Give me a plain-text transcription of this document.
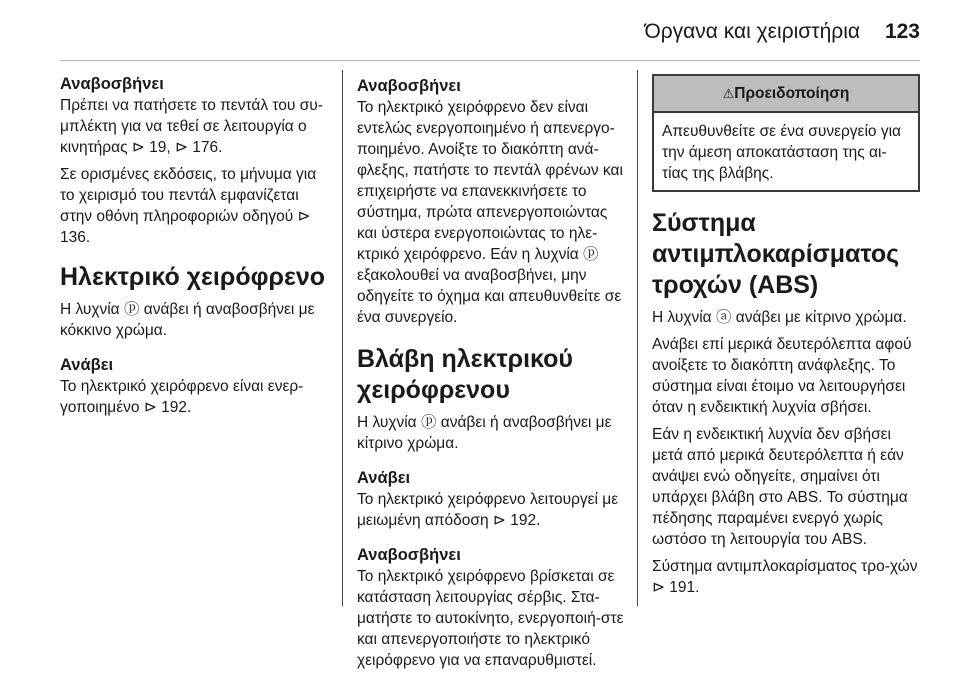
Όργανα και χειριστήρια 123

Αναβοσβήνει

Πρέπει να πατήσετε το πεντάλ του συ-μπλέκτη για να τεθεί σε λειτουργία ο κινητήρας ⊳ 19, ⊳ 176.

Σε ορισμένες εκδόσεις, το μήνυμα για το χειρισμό του πεντάλ εμφανίζεται στην οθόνη πληροφοριών οδηγού ⊳ 136.

Ηλεκτρικό χειρόφρενο

Η λυχνία ⓟ ανάβει ή αναβοσβήνει με κόκκινο χρώμα.

Ανάβει

Το ηλεκτρικό χειρόφρενο είναι ενερ-γοποιημένο ⊳ 192.

Αναβοσβήνει

Το ηλεκτρικό χειρόφρενο δεν είναι εντελώς ενεργοποιημένο ή απενεργο-ποιημένο. Ανοίξτε το διακόπτη ανά-φλεξης, πατήστε το πεντάλ φρένων και επιχειρήστε να επανεκκινήσετε το σύστημα, πρώτα απενεργοποιώντας και ύστερα ενεργοποιώντας το ηλε-κτρικό χειρόφρενο. Εάν η λυχνία ⓟ εξακολουθεί να αναβοσβήνει, μην οδηγείτε το όχημα και απευθυνθείτε σε ένα συνεργείο.

Βλάβη ηλεκτρικού χειρόφρενου

Η λυχνία ⓟ ανάβει ή αναβοσβήνει με κίτρινο χρώμα.

Ανάβει

Το ηλεκτρικό χειρόφρενο λειτουργεί με μειωμένη απόδοση ⊳ 192.

Αναβοσβήνει

Το ηλεκτρικό χειρόφρενο βρίσκεται σε κατάσταση λειτουργίας σέρβις. Στα-ματήστε το αυτοκίνητο, ενεργοποιή-στε και απενεργοποιήστε το ηλεκτρικό χειρόφρενο για να επαναρυθμιστεί.

⚠Προειδοποίηση
Απευθυνθείτε σε ένα συνεργείο για την άμεση αποκατάσταση της αι-τίας της βλάβης.
Σύστημα αντιμπλοκαρίσματος τροχών (ABS)

Η λυχνία ⓐ ανάβει με κίτρινο χρώμα.

Ανάβει επί μερικά δευτερόλεπτα αφού ανοίξετε το διακόπτη ανάφλεξης. Το σύστημα είναι έτοιμο να λειτουργήσει όταν η ενδεικτική λυχνία σβήσει.

Εάν η ενδεικτική λυχνία δεν σβήσει μετά από μερικά δευτερόλεπτα ή εάν ανάψει ενώ οδηγείτε, σημαίνει ότι υπάρχει βλάβη στο ABS. Το σύστημα πέδησης παραμένει ενεργό χωρίς ωστόσο τη λειτουργία του ABS.

Σύστημα αντιμπλοκαρίσματος τρο-χών ⊳ 191.
